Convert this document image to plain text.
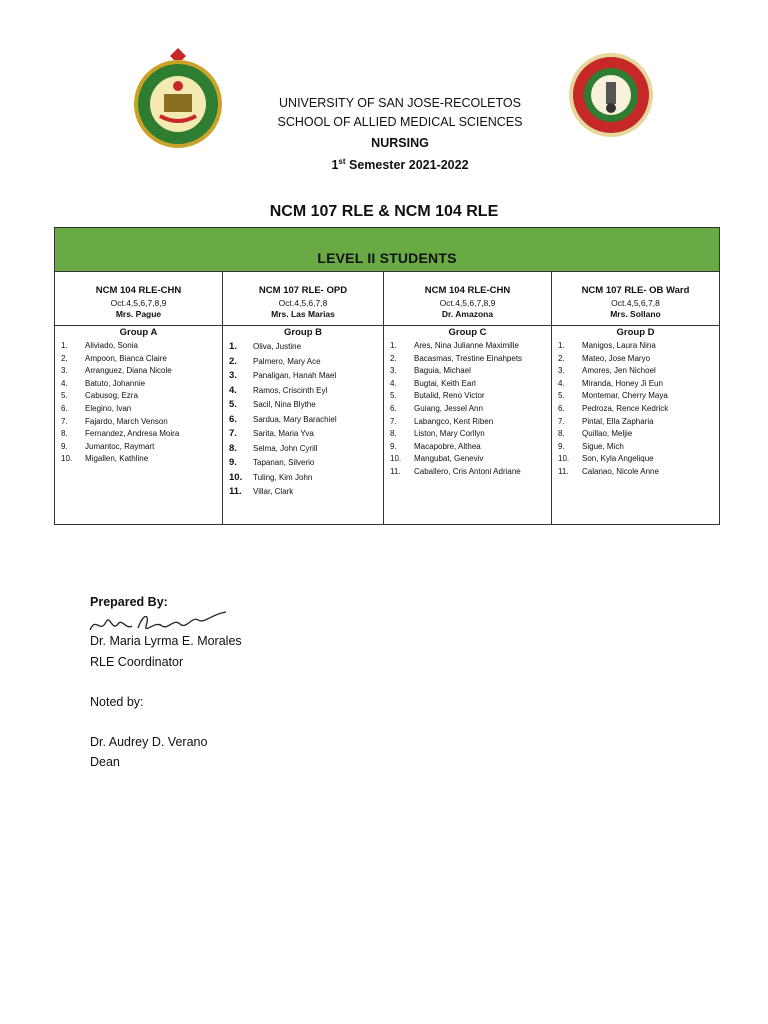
UNIVERSITY OF SAN JOSE-RECOLETOS
SCHOOL OF ALLIED MEDICAL SCIENCES
NURSING
1st Semester 2021-2022
NCM 107 RLE & NCM 104 RLE
LEVEL II STUDENTS
NCM 104 RLE-CHN
Oct.4,5,6,7,8,9
Mrs. Pague
Group A
1. Aliviado, Sonia
2. Ampoon, Bianca Claire
3. Arranguez, Diana Nicole
4. Batuto, Johannie
5. Cabusog, Ezra
6. Elegino, Ivan
7. Fajardo, March Venson
8. Fernandez, Andresa Moira
9. Jumantoc, Raymart
10. Migallen, Kathline
NCM 107 RLE- OPD
Oct.4,5,6,7,8
Mrs. Las Marias
Group B
1. Oliva, Justine
2. Palmero, Mary Ace
3. Panaligan, Hanah Mael
4. Ramos, Criscinth Eyl
5. Sacil, Nina Blythe
6. Sardua, Mary Barachiel
7. Sarita, Maria Yva
8. Selma, John Cyrill
9. Tapanan, Silverio
10. Tuling, Kim John
11. Villar, Clark
NCM 104 RLE-CHN
Oct.4,5,6,7,8,9
Dr. Amazona
Group C
1. Ares, Nina Julianne Maximille
2. Bacasmas, Trestine Einahpets
3. Baguia, Michael
4. Bugtai, Keith Earl
5. Butalid, Reno Victor
6. Guiang, Jessel Ann
7. Labangco, Kent Riben
8. Liston, Mary Corllyn
9. Macapobre, Althea
10. Mangubat, Geneviv
11. Caballero, Cris Antoni Adriane
NCM 107 RLE- OB Ward
Oct.4,5,6,7,8
Mrs. Sollano
Group D
1. Manigos, Laura Nina
2. Mateo, Jose Maryo
3. Amores, Jen Nichoel
4. Miranda, Honey Ji Eun
5. Montemar, Cherry Maya
6. Pedroza, Rence Kedrick
7. Pintal, Ella Zapharia
8. Quillao, Meljie
9. Sigue, Mich
10. Son, Kyla Angelique
11. Calanao, Nicole Anne
Prepared By:
Dr. Maria Lyrma E. Morales
RLE Coordinator
Noted by:
Dr. Audrey D. Verano
Dean
